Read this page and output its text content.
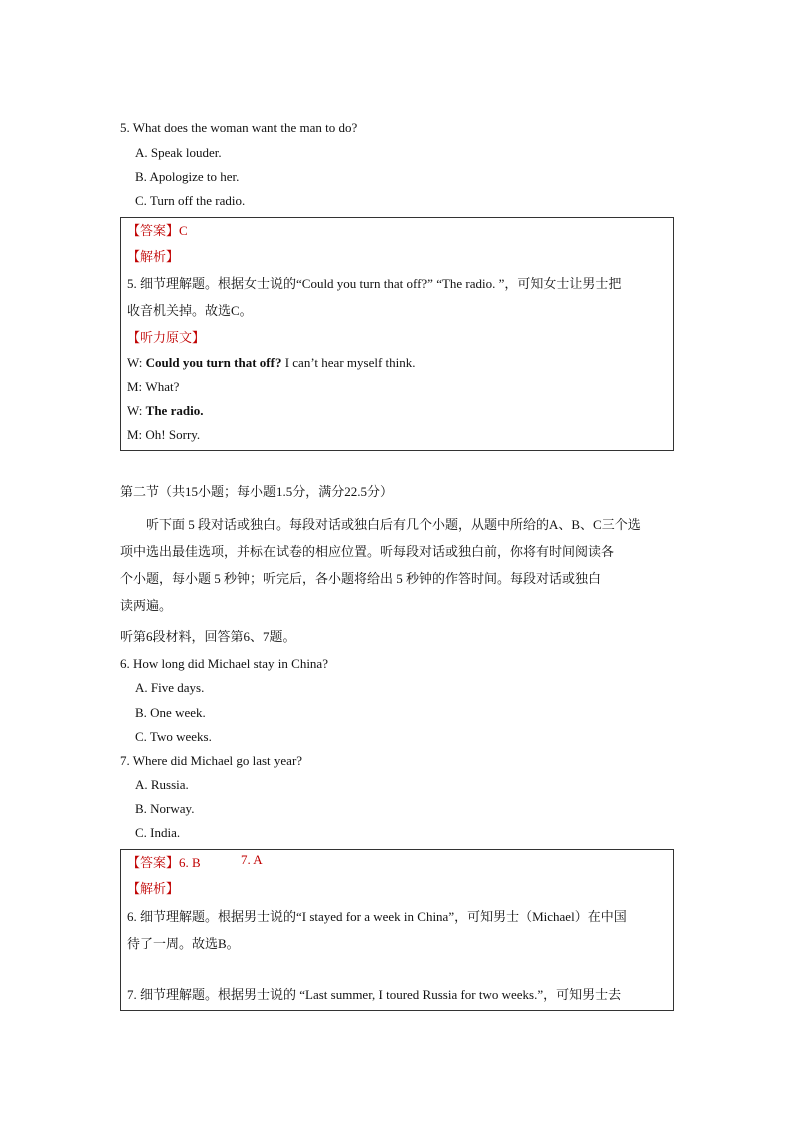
5. What does the woman want the man to do?
A. Speak louder.
B. Apologize to her.
C. Turn off the radio.
【答案】C
【解析】
5. 细节理解题。根据女士说的“Could you turn that off?” “The radio. ”，可知女士让男士把
收音机关掉。故选C。
【听力原文】
W: Could you turn that off? I can’t hear myself think.
M: What?
W: The radio.
M: Oh! Sorry.
第二节（共15小题；每小题1.5分，满分22.5分）
听下面 5 段对话或独白。每段对话或独白后有几个小题，从题中所给的A、B、C三个选
项中选出最佳选项，并标在试卷的相应位置。听每段对话或独白前，你将有时间阅读各
个小题，每小题 5 秒钟；听完后，各小题将给出 5 秒钟的作答时间。每段对话或独白
读两遍。
听第6段材料，回答第6、7题。
6. How long did Michael stay in China?
A. Five days.
B. One week.
C. Two weeks.
7. Where did Michael go last year?
A. Russia.
B. Norway.
C. India.
【答案】6. B	7. A
【解析】
6. 细节理解题。根据男士说的“I stayed for a week in China”，可知男士（Michael）在中国
待了一周。故选B。
7. 细节理解题。根据男士说的 “Last summer, I toured Russia for two weeks.”，可知男士去
